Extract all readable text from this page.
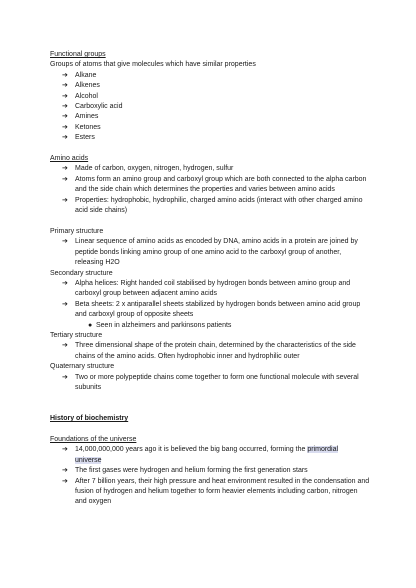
Functional groups
Groups of atoms that give molecules which have similar properties
➔ Alkane
➔ Alkenes
➔ Alcohol
➔ Carboxylic acid
➔ Amines
➔ Ketones
➔ Esters
Amino acids
➔ Made of carbon, oxygen, nitrogen, hydrogen, sulfur
➔ Atoms form an amino group and carboxyl group which are both connected to the alpha carbon and the side chain which determines the properties and varies between amino acids
➔ Properties: hydrophobic, hydrophilic, charged amino acids (interact with other charged amino acid side chains)
Primary structure
➔ Linear sequence of amino acids as encoded by DNA, amino acids in a protein are joined by peptide bonds linking amino group of one amino acid to the carboxyl group of another, releasing H2O
Secondary structure
➔ Alpha helices: Right handed coil stabilised by hydrogen bonds between amino group and carboxyl group between adjacent amino acids
➔ Beta sheets: 2 x antiparallel sheets stabilized by hydrogen bonds between amino acid group and carboxyl group of opposite sheets
● Seen in alzheimers and parkinsons patients
Tertiary structure
➔ Three dimensional shape of the protein chain, determined by the characteristics of the side chains of the amino acids. Often hydrophobic inner and hydrophilic outer
Quaternary structure
➔ Two or more polypeptide chains come together to form one functional molecule with several subunits
History of biochemistry
Foundations of the universe
➔ 14,000,000,000 years ago it is believed the big bang occurred, forming the primordial
universe
➔ The first gases were hydrogen and helium forming the first generation stars
➔ After 7 billion years, their high pressure and heat environment resulted in the condensation and fusion of hydrogen and helium together to form heavier elements including carbon, nitrogen and oxygen
